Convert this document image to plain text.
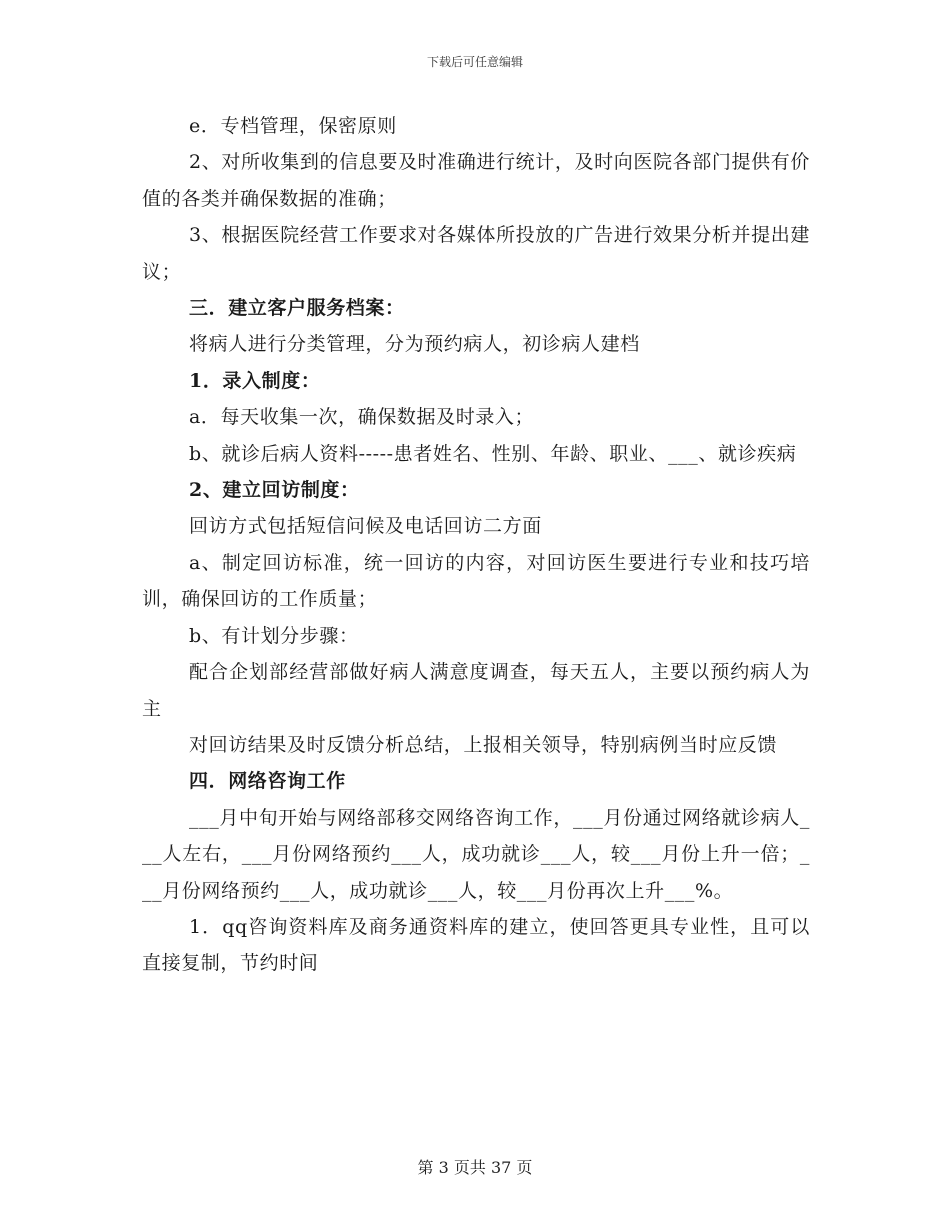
下载后可任意编辑

e．专档管理，保密原则

2、对所收集到的信息要及时准确进行统计，及时向医院各部门提供有价值的各类并确保数据的准确；

3、根据医院经营工作要求对各媒体所投放的广告进行效果分析并提出建议；

三．建立客户服务档案：

将病人进行分类管理，分为预约病人，初诊病人建档

1．录入制度：

a．每天收集一次，确保数据及时录入；

b、就诊后病人资料-----患者姓名、性别、年龄、职业、___、就诊疾病

2、建立回访制度：

回访方式包括短信问候及电话回访二方面

a、制定回访标准，统一回访的内容，对回访医生要进行专业和技巧培训，确保回访的工作质量；

b、有计划分步骤：

配合企划部经营部做好病人满意度调查，每天五人，主要以预约病人为主

对回访结果及时反馈分析总结，上报相关领导，特别病例当时应反馈

四．网络咨询工作

___月中旬开始与网络部移交网络咨询工作，___月份通过网络就诊病人___人左右，___月份网络预约___人，成功就诊___人，较___月份上升一倍；___月份网络预约___人，成功就诊___人，较___月份再次上升___%。

1．qq咨询资料库及商务通资料库的建立，使回答更具专业性，且可以直接复制，节约时间

第 3 页共 37 页
